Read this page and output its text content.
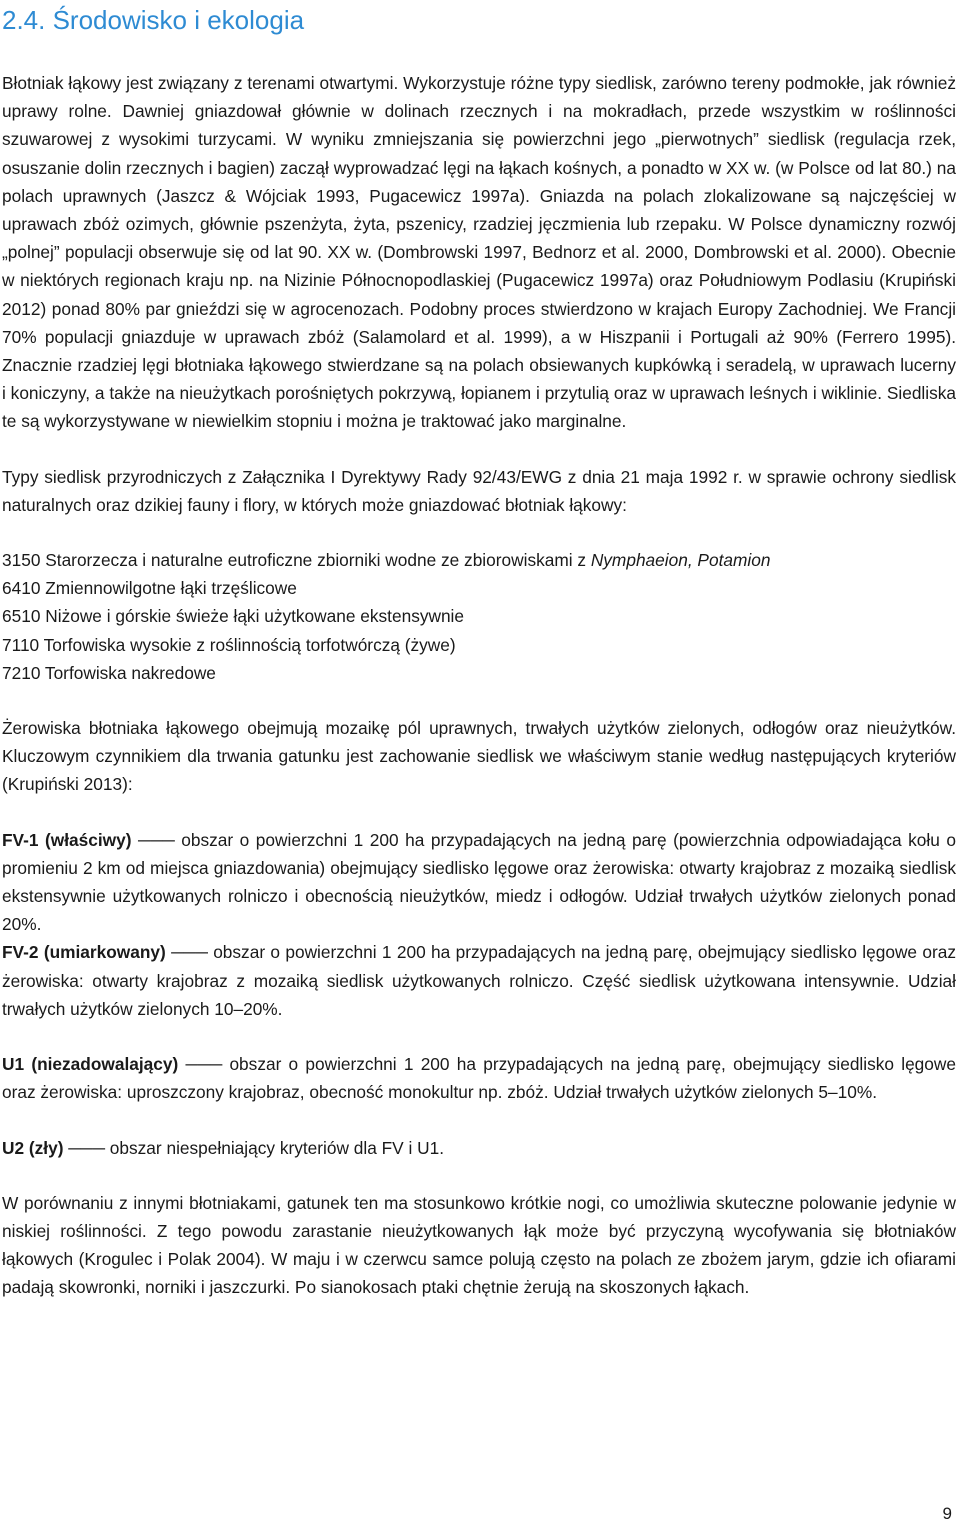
2.4. Środowisko i ekologia

Błotniak łąkowy jest związany z terenami otwartymi. Wykorzystuje różne typy siedlisk, zarówno tereny podmokłe, jak również uprawy rolne. Dawniej gniazdował głównie w dolinach rzecznych i na mokradłach, przede wszystkim w roślinności szuwarowej z wysokimi turzycami. W wyniku zmniejszania się powierzchni jego „pierwotnych” siedlisk (regulacja rzek, osuszanie dolin rzecznych i bagien) zaczął wyprowadzać lęgi na łąkach kośnych, a ponadto w XX w. (w Polsce od lat 80.) na polach uprawnych (Jaszcz & Wójciak 1993, Pugacewicz 1997a). Gniazda na polach zlokalizowane są najczęściej w uprawach zbóż ozimych, głównie pszenżyta, żyta, pszenicy, rzadziej jęczmienia lub rzepaku. W Polsce dynamiczny rozwój „polnej” populacji obserwuje się od lat 90. XX w. (Dombrowski 1997, Bednorz et al. 2000, Dombrowski et al. 2000). Obecnie w niektórych regionach kraju np. na Nizinie Północnopodlaskiej (Pugacewicz 1997a) oraz Południowym Podlasiu (Krupiński 2012) ponad 80% par gnieździ się w agrocenozach. Podobny proces stwierdzono w krajach Europy Zachodniej. We Francji 70% populacji gniazduje w uprawach zbóż (Salamolard et al. 1999), a w Hiszpanii i Portugali aż 90% (Ferrero 1995). Znacznie rzadziej lęgi błotniaka łąkowego stwierdzane są na polach obsiewanych kupkówką i seradelą, w uprawach lucerny i koniczyny, a także na nieużytkach porośniętych pokrzywą, łopianem i przytulią oraz w uprawach leśnych i wiklinie. Siedliska te są wykorzystywane w niewielkim stopniu i można je traktować jako marginalne.

Typy siedlisk przyrodniczych z Załącznika I Dyrektywy Rady 92/43/EWG z dnia 21 maja 1992 r. w sprawie ochrony siedlisk naturalnych oraz dzikiej fauny i flory, w których może gniazdować błotniak łąkowy:

3150 Starorzecza i naturalne eutroficzne zbiorniki wodne ze zbiorowiskami z Nymphaeion, Potamion
6410 Zmiennowilgotne łąki trzęślicowe
6510 Niżowe i górskie świeże łąki użytkowane ekstensywnie
7110 Torfowiska wysokie z roślinnością torfotwórczą (żywe)
7210 Torfowiska nakredowe

Żerowiska błotniaka łąkowego obejmują mozaikę pól uprawnych, trwałych użytków zielonych, odłogów oraz nieużytków. Kluczowym czynnikiem dla trwania gatunku jest zachowanie siedlisk we właściwym stanie według następujących kryteriów (Krupiński 2013):

FV-1 (właściwy) ─── obszar o powierzchni 1 200 ha przypadających na jedną parę (powierzchnia odpowiadająca kołu o promieniu 2 km od miejsca gniazdowania) obejmujący siedlisko lęgowe oraz żerowiska: otwarty krajobraz z mozaiką siedlisk ekstensywnie użytkowanych rolniczo i obecnością nieużytków, miedz i odłogów. Udział trwałych użytków zielonych ponad 20%.

FV-2 (umiarkowany) ─── obszar o powierzchni 1 200 ha przypadających na jedną parę, obejmujący siedlisko lęgowe oraz żerowiska: otwarty krajobraz z mozaiką siedlisk użytkowanych rolniczo. Część siedlisk użytkowana intensywnie. Udział trwałych użytków zielonych 10–20%.

U1 (niezadowalający) ─── obszar o powierzchni 1 200 ha przypadających na jedną parę, obejmujący siedlisko lęgowe oraz żerowiska: uproszczony krajobraz, obecność monokultur np. zbóż. Udział trwałych użytków zielonych 5–10%.

U2 (zły) ─── obszar niespełniający kryteriów dla FV i U1.

W porównaniu z innymi błotniakami, gatunek ten ma stosunkowo krótkie nogi, co umożliwia skuteczne polowanie jedynie w niskiej roślinności. Z tego powodu zarastanie nieużytkowanych łąk może być przyczyną wycofywania się błotniaków łąkowych (Krogulec i Polak 2004). W maju i w czerwcu samce polują często na polach ze zbożem jarym, gdzie ich ofiarami padają skowronki, norniki i jaszczurki. Po sianokosach ptaki chętnie żerują na skoszonych łąkach.

9
